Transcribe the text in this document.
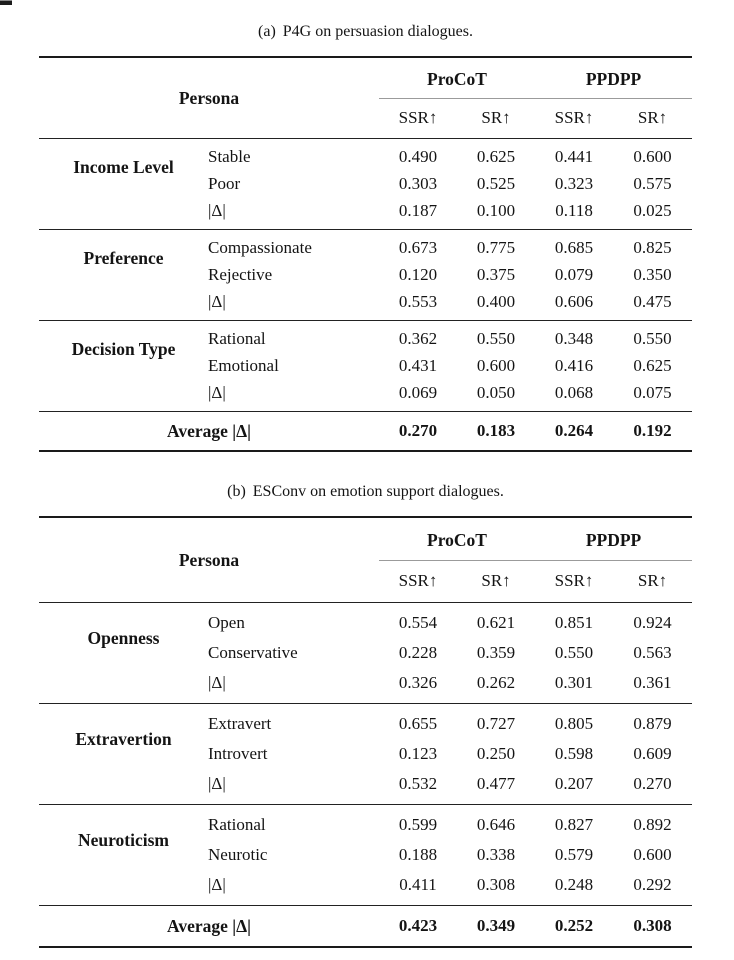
(a) P4G on persuasion dialogues.
Persona		ProCoT		PPDPP	
		SSR↑	SR↑	SSR↑	SR↑
Income Level	Stable	0.490	0.625	0.441	0.600
	Poor	0.303	0.525	0.323	0.575
	|Δ|	0.187	0.100	0.118	0.025
Preference	Compassionate	0.673	0.775	0.685	0.825
	Rejective	0.120	0.375	0.079	0.350
	|Δ|	0.553	0.400	0.606	0.475
Decision Type	Rational	0.362	0.550	0.348	0.550
	Emotional	0.431	0.600	0.416	0.625
	|Δ|	0.069	0.050	0.068	0.075
Average |Δ|		0.270	0.183	0.264	0.192
(b) ESConv on emotion support dialogues.
Persona		ProCoT		PPDPP	
		SSR↑	SR↑	SSR↑	SR↑
Openness	Open	0.554	0.621	0.851	0.924
	Conservative	0.228	0.359	0.550	0.563
	|Δ|	0.326	0.262	0.301	0.361
Extravertion	Extravert	0.655	0.727	0.805	0.879
	Introvert	0.123	0.250	0.598	0.609
	|Δ|	0.532	0.477	0.207	0.270
Neuroticism	Rational	0.599	0.646	0.827	0.892
	Neurotic	0.188	0.338	0.579	0.600
	|Δ|	0.411	0.308	0.248	0.292
Average |Δ|		0.423	0.349	0.252	0.308
